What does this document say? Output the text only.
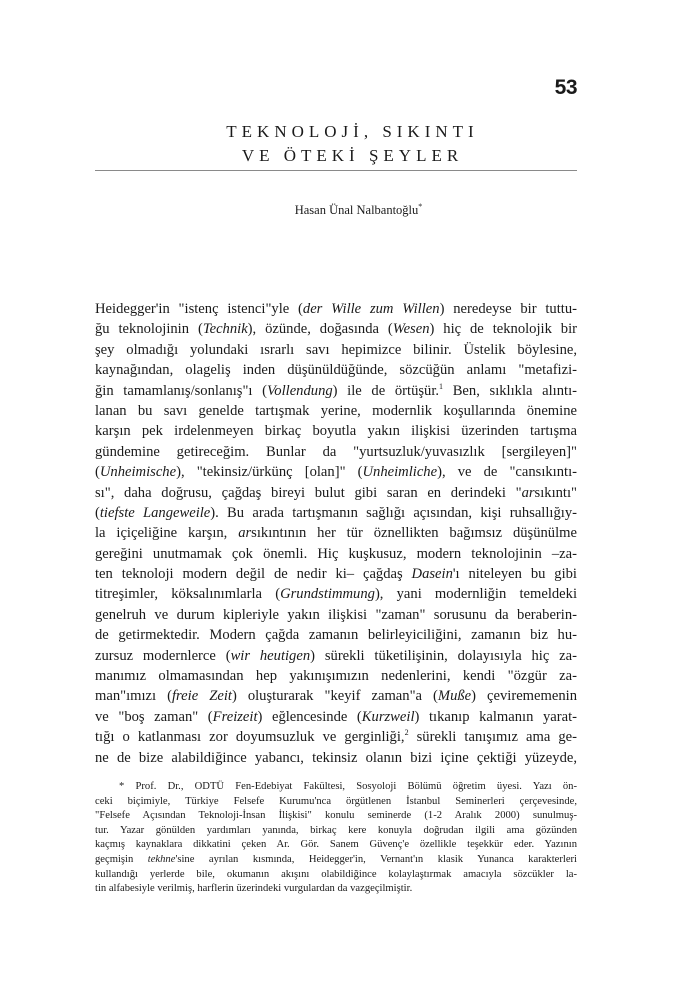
53
TEKNOLOJİ, SIKINTI
VE ÖTEKİ ŞEYLER
Hasan Ünal Nalbantoğlu*
Heidegger'in "istenç istenci"yle (der Wille zum Willen) neredeyse bir tuttu-
ğu teknolojinin (Technik), özünde, doğasında (Wesen) hiç de teknolojik bir
şey olmadığı yolundaki ısrarlı savı hepimizce bilinir. Üstelik böylesine,
kaynağından, olageliş inden düşünüldüğünde, sözcüğün anlamı "metafizi-
ğin tamamlanış/sonlanış"ı (Vollendung) ile de örtüşür.$^1$ Ben, sıklıkla alıntı-
lanan bu savı genelde tartışmak yerine, modernlik koşullarında önemine
karşın pek irdelenmeyen birkaç boyutla yakın ilişkisi üzerinden tartışma
gündemine getireceğim. Bunlar da "yurtsuzluk/yuvasızlık [sergileyen]"
(Unheimische), "tekinsiz/ürkünç [olan]" (Unheimliche), ve de "cansıkıntı-
sı", daha doğrusu, çağdaş bireyi bulut gibi saran en derindeki "arsıkıntı"
(tiefste Langeweile). Bu arada tartışmanın sağlığı açısından, kişi ruhsallığıy-
la içiçeliğine karşın, arsıkıntının her tür öznellikten bağımsız düşünülme
gereğini unutmamak çok önemli. Hiç kuşkusuz, modern teknolojinin –za-
ten teknoloji modern değil de nedir ki– çağdaş Dasein'ı niteleyen bu gibi
titreşimler, köksalınımlarla (Grundstimmung), yani modernliğin temeldeki
genelruh ve durum kipleriyle yakın ilişkisi "zaman" sorusunu da beraberin-
de getirmektedir. Modern çağda zamanın belirleyiciliğini, zamanın biz hu-
zursuz modernlerce (wir heutigen) sürekli tüketilişinin, dolayısıyla hiç za-
manımız olmamasından hep yakınışımızın nedenlerini, kendi "özgür za-
man"ımızı (freie Zeit) oluşturarak "keyif zaman"a (Muße) çevirememenin
ve "boş zaman" (Freizeit) eğlencesinde (Kurzweil) tıkanıp kalmanın yarat-
tığı o katlanması zor doyumsuzluk ve gerginliği,$^2$ sürekli tanışımız ama ge-
ne de bize alabildiğince yabancı, tekinsiz olanın bizi içine çektiği yüzeyde,
* Prof. Dr., ODTÜ Fen-Edebiyat Fakültesi, Sosyoloji Bölümü öğretim üyesi. Yazı ön-
ceki biçimiyle, Türkiye Felsefe Kurumu'nca örgütlenen İstanbul Seminerleri çerçevesinde,
"Felsefe Açısından Teknoloji-İnsan İlişkisi" konulu seminerde (1-2 Aralık 2000) sunulmuş-
tur. Yazar gönülden yardımları yanında, birkaç kere konuyla doğrudan ilgili ama gözünden
kaçmış kaynaklara dikkatini çeken Ar. Gör. Sanem Güvenç'e özellikle teşekkür eder. Yazının
geçmişin tekhne'sine ayrılan kısmında, Heidegger'in, Vernant'ın klasik Yunanca karakterleri
kullandığı yerlerde bile, okumanın akışını olabildiğince kolaylaştırmak amacıyla sözcükler la-
tin alfabesiyle verilmiş, harflerin üzerindeki vurgulardan da vazgeçilmiştir.
